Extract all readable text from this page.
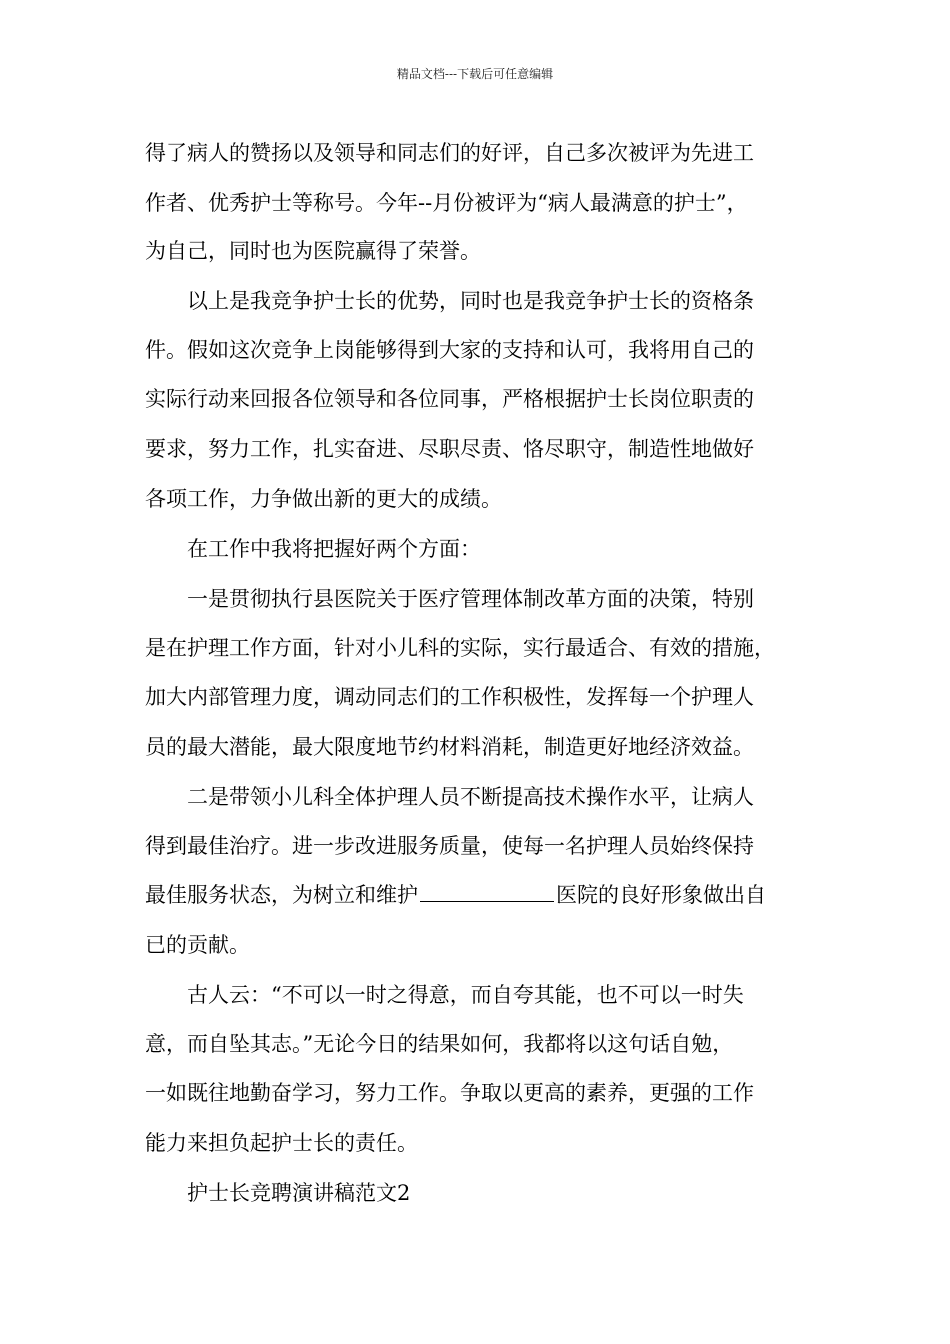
精品文档---下载后可任意编辑
得了病人的赞扬以及领导和同志们的好评，自己多次被评为先进工
作者、优秀护士等称号。今年--月份被评为“病人最满意的护士”，
为自己，同时也为医院赢得了荣誉。
以上是我竞争护士长的优势，同时也是我竞争护士长的资格条
件。假如这次竞争上岗能够得到大家的支持和认可，我将用自己的
实际行动来回报各位领导和各位同事，严格根据护士长岗位职责的
要求，努力工作，扎实奋进、尽职尽责、恪尽职守，制造性地做好
各项工作，力争做出新的更大的成绩。
在工作中我将把握好两个方面：
一是贯彻执行县医院关于医疗管理体制改革方面的决策，特别
是在护理工作方面，针对小儿科的实际，实行最适合、有效的措施，
加大内部管理力度，调动同志们的工作积极性，发挥每一个护理人
员的最大潜能，最大限度地节约材料消耗，制造更好地经济效益。
二是带领小儿科全体护理人员不断提高技术操作水平，让病人
得到最佳治疗。进一步改进服务质量，使每一名护理人员始终保持
最佳服务状态，为树立和维护	医院的良好形象做出自
已的贡献。
古人云：“不可以一时之得意，而自夸其能，也不可以一时失
意，而自坠其志。”无论今日的结果如何，我都将以这句话自勉，
一如既往地勤奋学习，努力工作。争取以更高的素养，更强的工作
能力来担负起护士长的责任。
护士长竞聘演讲稿范文2
